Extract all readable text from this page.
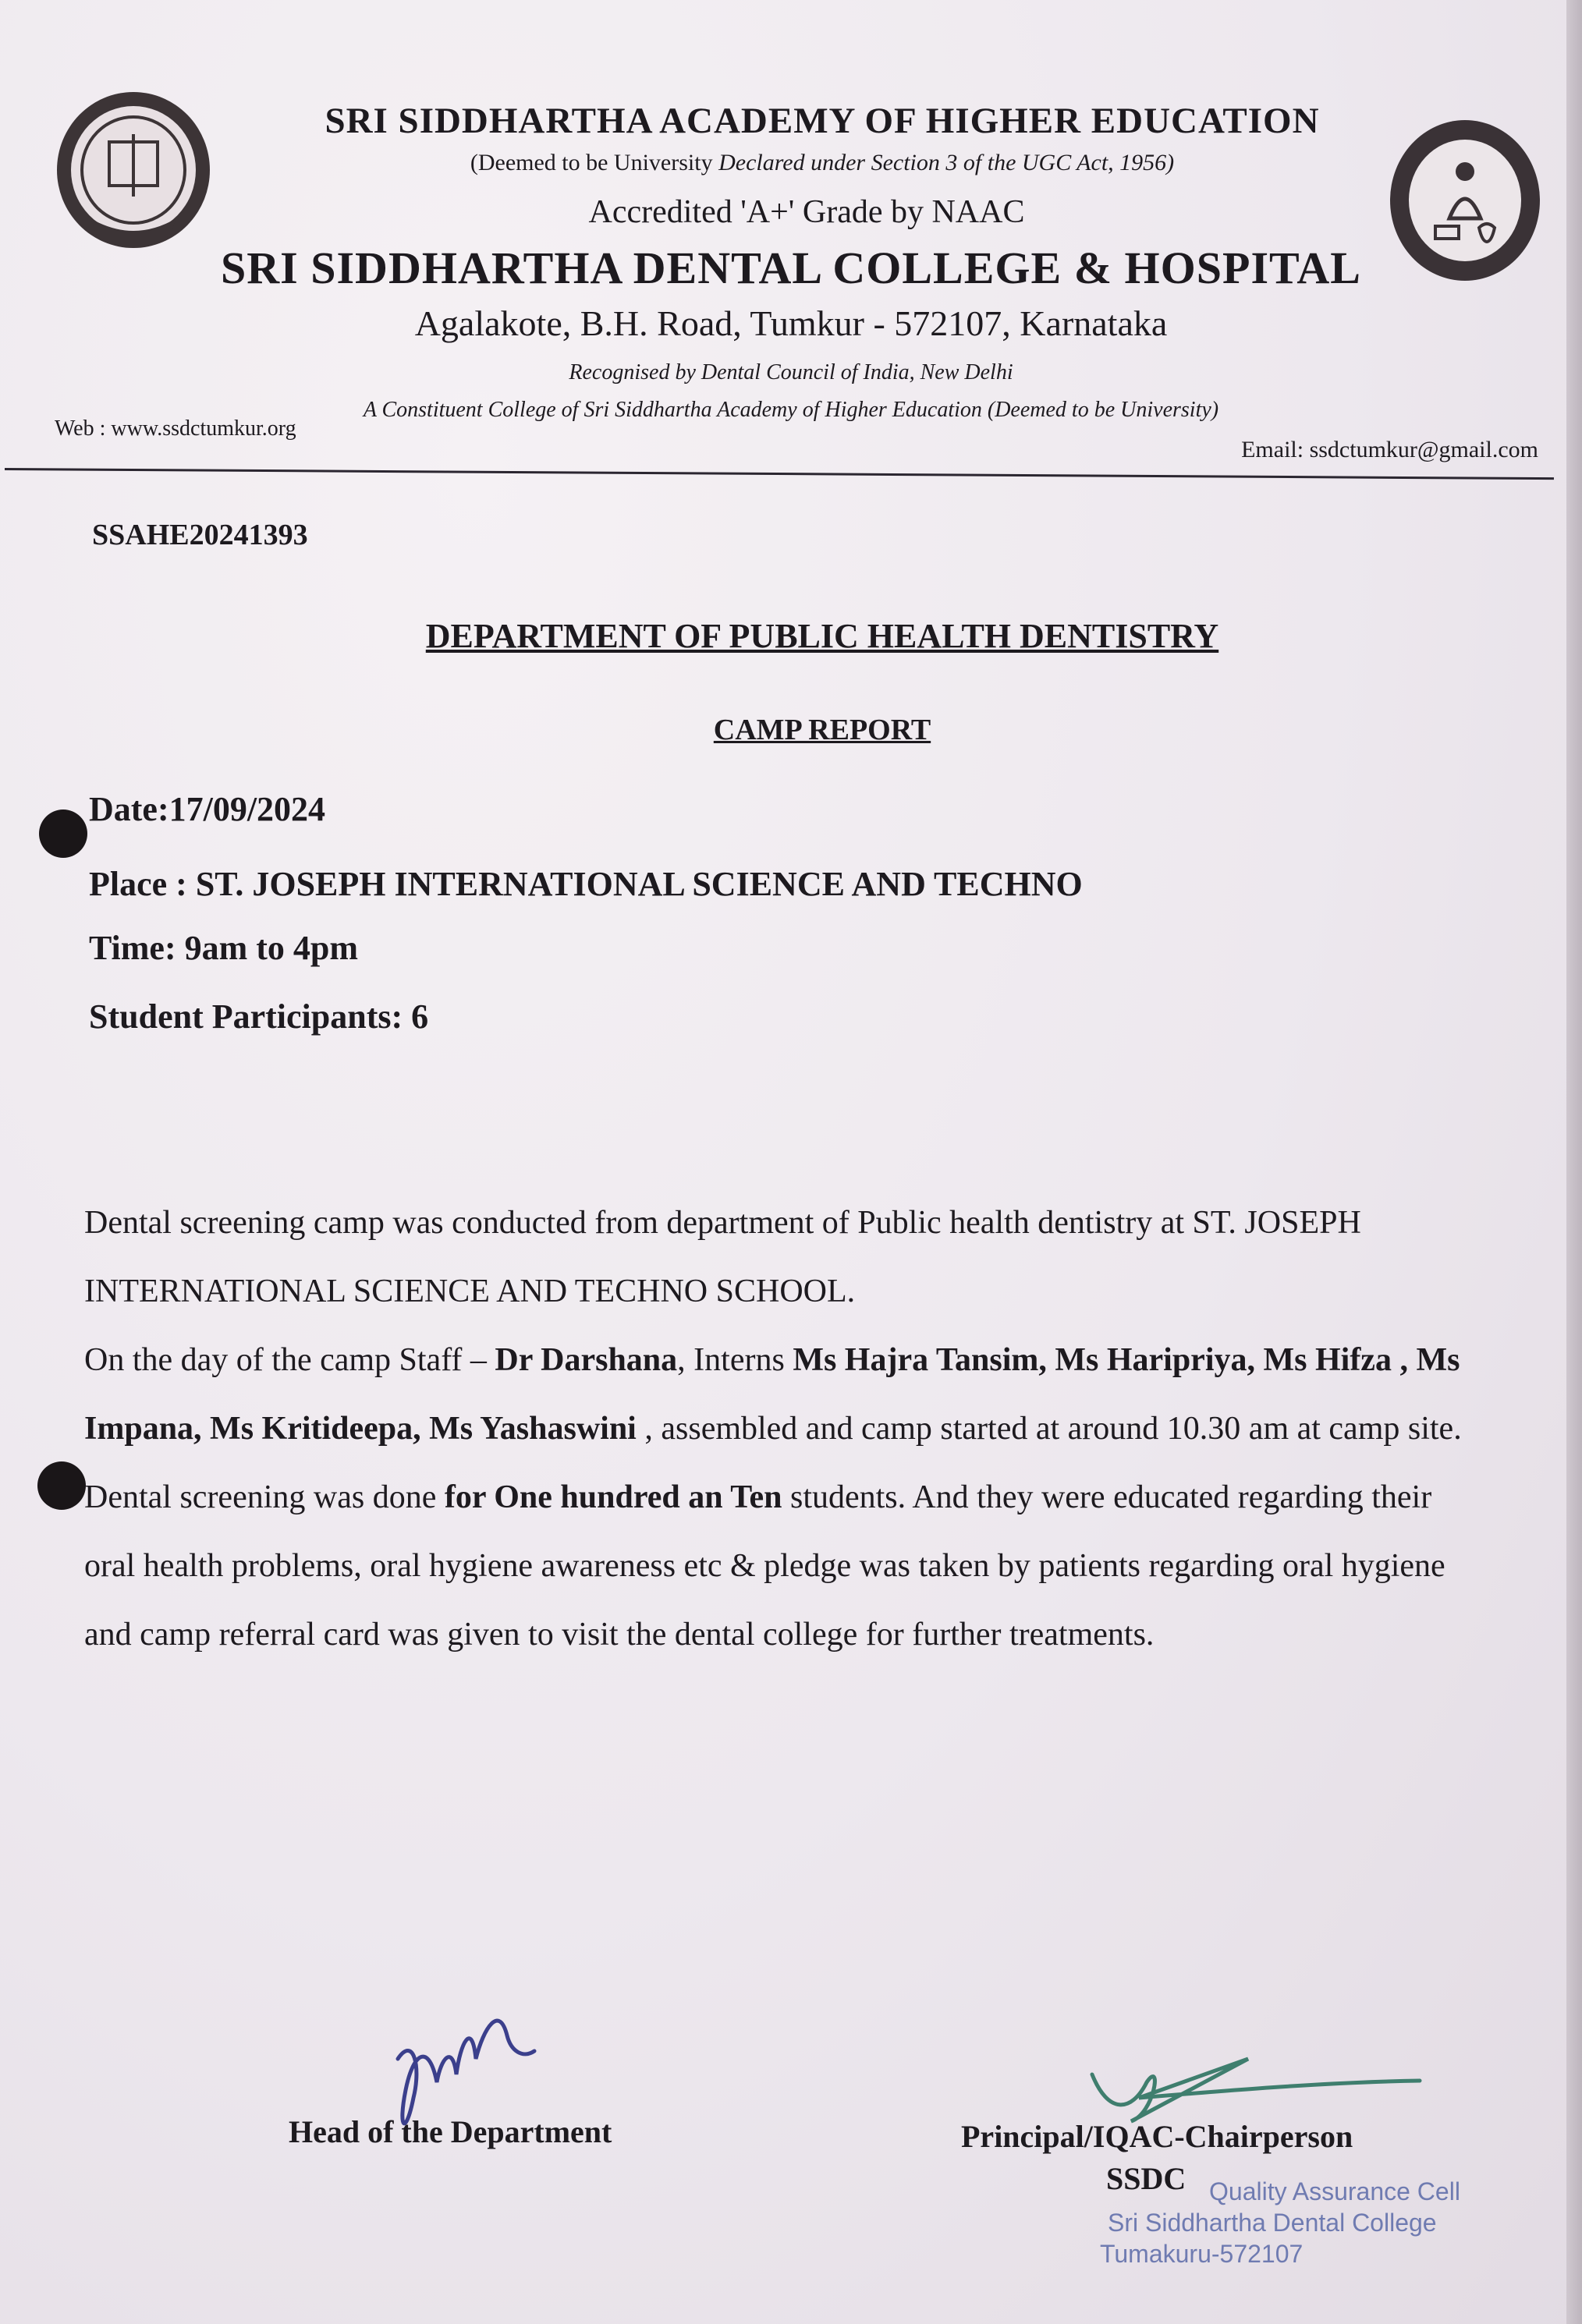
SRI SIDDHARTHA ACADEMY OF HIGHER EDUCATION
(Deemed to be University Declared under Section 3 of the UGC Act, 1956)
Accredited 'A+' Grade by NAAC
SRI SIDDHARTHA DENTAL COLLEGE & HOSPITAL
Agalakote, B.H. Road, Tumkur - 572107, Karnataka
Recognised by Dental Council of India, New Delhi
A Constituent College of Sri Siddhartha Academy of Higher Education (Deemed to be University)
Web : www.ssdctumkur.org
Email: ssdctumkur@gmail.com
SSAHE20241393
DEPARTMENT OF PUBLIC HEALTH DENTISTRY
CAMP REPORT
Date:17/09/2024
Place : ST. JOSEPH INTERNATIONAL SCIENCE AND TECHNO
Time: 9am to 4pm
Student Participants: 6
Dental screening camp was conducted from department of Public health dentistry at ST. JOSEPH INTERNATIONAL SCIENCE AND TECHNO SCHOOL.
On the day of the camp Staff – Dr Darshana, Interns Ms Hajra Tansim, Ms Haripriya, Ms Hifza , Ms Impana, Ms Kritideepa, Ms Yashaswini , assembled and camp started at around 10.30 am at camp site. Dental screening was done for One hundred an Ten students. And they were educated regarding their oral health problems, oral hygiene awareness etc & pledge was taken by patients regarding oral hygiene and camp referral card was given to visit the dental college for further treatments.
Head of the Department	Principal/IQAC-Chairperson
SSDC Quality Assurance Cell
Sri Siddhartha Dental College
Tumakuru-572107
